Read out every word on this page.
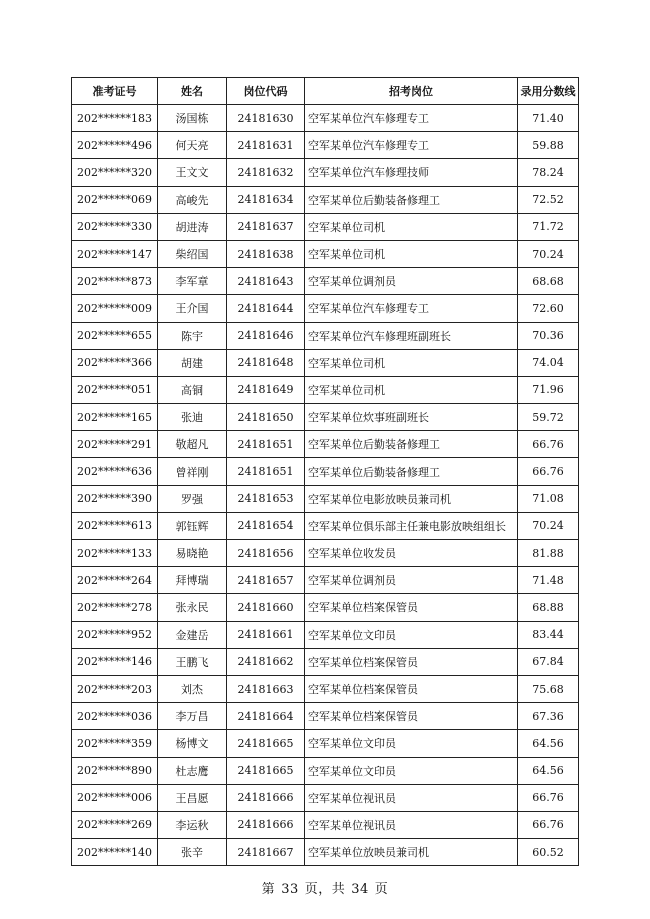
准考证号	姓名	岗位代码	招考岗位	录用分数线
202******183	汤国栋	24181630	空军某单位汽车修理专工	71.40
202******496	何天亮	24181631	空军某单位汽车修理专工	59.88
202******320	王文文	24181632	空军某单位汽车修理技师	78.24
202******069	高峻先	24181634	空军某单位后勤装备修理工	72.52
202******330	胡进涛	24181637	空军某单位司机	71.72
202******147	柴绍国	24181638	空军某单位司机	70.24
202******873	李军章	24181643	空军某单位调剂员	68.68
202******009	王介国	24181644	空军某单位汽车修理专工	72.60
202******655	陈宇	24181646	空军某单位汽车修理班副班长	70.36
202******366	胡建	24181648	空军某单位司机	74.04
202******051	高铜	24181649	空军某单位司机	71.96
202******165	张迪	24181650	空军某单位炊事班副班长	59.72
202******291	敬超凡	24181651	空军某单位后勤装备修理工	66.76
202******636	曾祥刚	24181651	空军某单位后勤装备修理工	66.76
202******390	罗强	24181653	空军某单位电影放映员兼司机	71.08
202******613	郭钰辉	24181654	空军某单位俱乐部主任兼电影放映组组长	70.24
202******133	易晓艳	24181656	空军某单位收发员	81.88
202******264	拜博瑞	24181657	空军某单位调剂员	71.48
202******278	张永民	24181660	空军某单位档案保管员	68.88
202******952	金建岳	24181661	空军某单位文印员	83.44
202******146	王鹏飞	24181662	空军某单位档案保管员	67.84
202******203	刘杰	24181663	空军某单位档案保管员	75.68
202******036	李万昌	24181664	空军某单位档案保管员	67.36
202******359	杨博文	24181665	空军某单位文印员	64.56
202******890	杜志鹰	24181665	空军某单位文印员	64.56
202******006	王昌愿	24181666	空军某单位视讯员	66.76
202******269	李运秋	24181666	空军某单位视讯员	66.76
202******140	张辛	24181667	空军某单位放映员兼司机	60.52
第 33 页，共 34 页
